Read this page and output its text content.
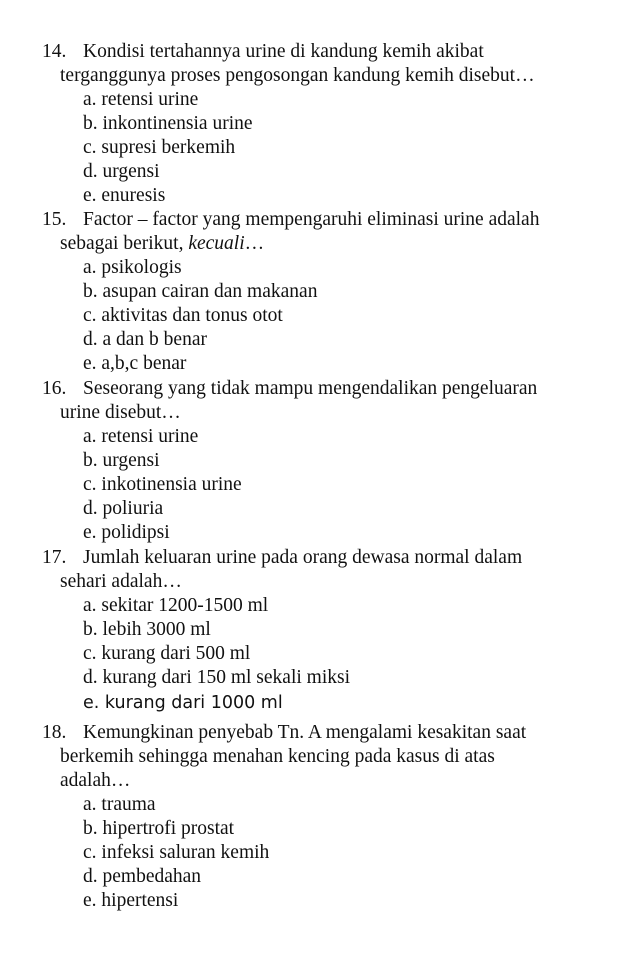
14. Kondisi tertahannya urine di kandung kemih akibat
terganggunya proses pengosongan kandung kemih disebut…
a. retensi urine
b. inkontinensia urine
c. supresi berkemih
d. urgensi
e. enuresis
15. Factor – factor yang mempengaruhi eliminasi urine adalah
sebagai berikut, kecuali…
a. psikologis
b. asupan cairan dan makanan
c. aktivitas dan tonus otot
d. a dan b benar
e. a,b,c benar
16. Seseorang yang tidak mampu mengendalikan pengeluaran
urine disebut…
a. retensi urine
b. urgensi
c. inkotinensia urine
d. poliuria
e. polidipsi
17. Jumlah keluaran urine pada orang dewasa normal dalam
sehari adalah…
a. sekitar 1200-1500 ml
b. lebih 3000 ml
c. kurang dari 500 ml
d. kurang dari 150 ml sekali miksi
e. kurang dari 1000 ml
18. Kemungkinan penyebab Tn. A mengalami kesakitan saat
berkemih sehingga menahan kencing pada kasus di atas
adalah…
a. trauma
b. hipertrofi prostat
c. infeksi saluran kemih
d. pembedahan
e. hipertensi
